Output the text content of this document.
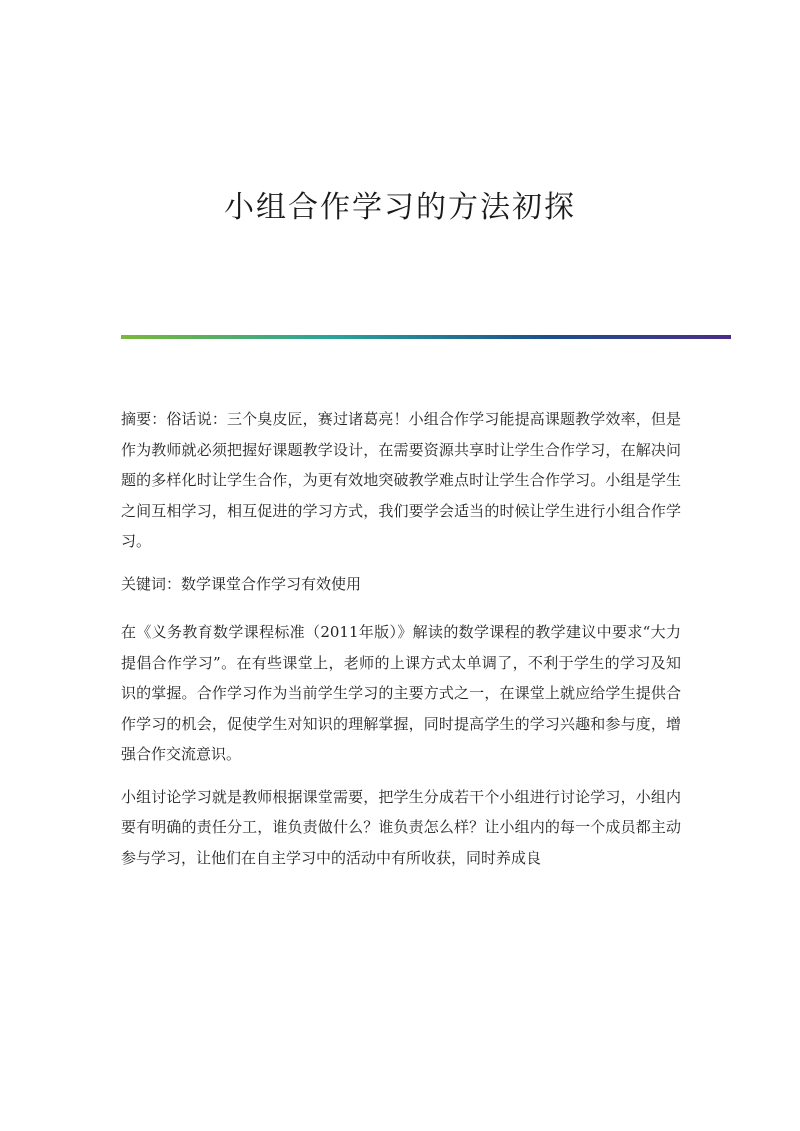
小组合作学习的方法初探

摘要：俗话说：三个臭皮匠，赛过诸葛亮！小组合作学习能提高课题教学效率，但是作为教师就必须把握好课题教学设计，在需要资源共享时让学生合作学习，在解决问题的多样化时让学生合作，为更有效地突破教学难点时让学生合作学习。小组是学生之间互相学习，相互促进的学习方式，我们要学会适当的时候让学生进行小组合作学习。

关键词：数学课堂合作学习有效使用

在《义务教育数学课程标准（2011年版）》解读的数学课程的教学建议中要求“大力提倡合作学习”。在有些课堂上，老师的上课方式太单调了，不利于学生的学习及知识的掌握。合作学习作为当前学生学习的主要方式之一，在课堂上就应给学生提供合作学习的机会，促使学生对知识的理解掌握，同时提高学生的学习兴趣和参与度，增强合作交流意识。

小组讨论学习就是教师根据课堂需要，把学生分成若干个小组进行讨论学习，小组内要有明确的责任分工，谁负责做什么？谁负责怎么样？让小组内的每一个成员都主动参与学习，让他们在自主学习中的活动中有所收获，同时养成良
